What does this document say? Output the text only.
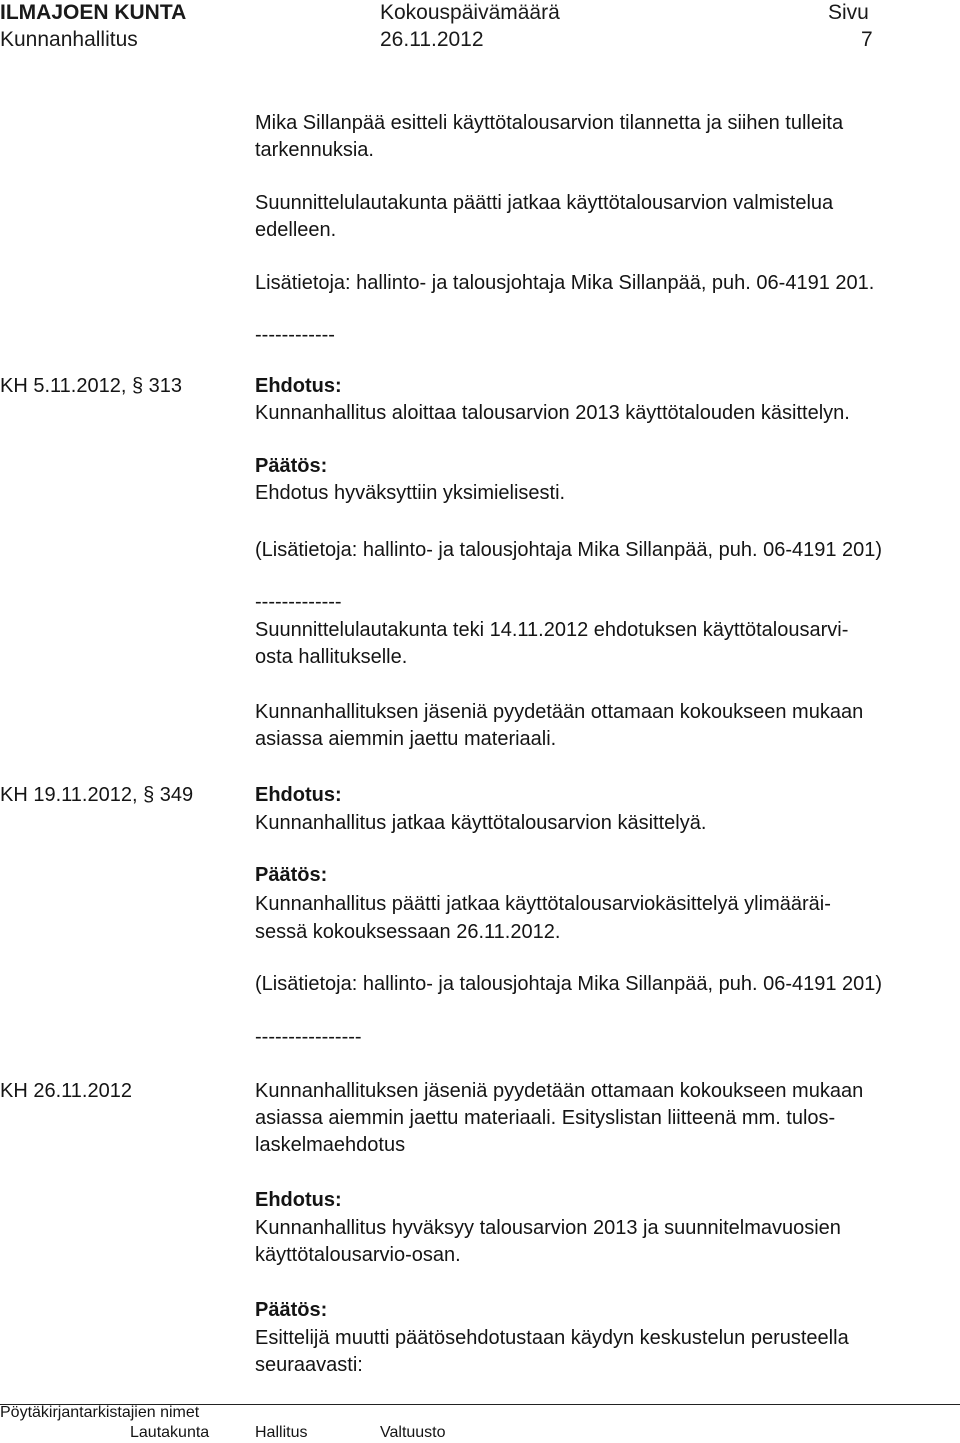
ILMAJOEN KUNTA	Kokouspäivämäärä	Sivu
Kunnanhallitus	26.11.2012	7
Mika Sillanpää esitteli käyttötalousarvion tilannetta ja siihen tulleita
tarkennuksia.
Suunnittelulautakunta päätti jatkaa käyttötalousarvion valmistelua
edelleen.
Lisätietoja: hallinto- ja talousjohtaja Mika Sillanpää, puh. 06-4191 201.
------------
KH 5.11.2012, § 313	Ehdotus:
Kunnanhallitus aloittaa talousarvion 2013 käyttötalouden käsittelyn.
Päätös:
Ehdotus hyväksyttiin yksimielisesti.
(Lisätietoja: hallinto- ja talousjohtaja Mika Sillanpää, puh. 06-4191 201)
-------------
Suunnittelulautakunta teki 14.11.2012 ehdotuksen käyttötalousarvi-
osta hallitukselle.
Kunnanhallituksen jäseniä pyydetään ottamaan kokoukseen mukaan
asiassa aiemmin jaettu materiaali.
KH 19.11.2012, § 349	Ehdotus:
Kunnanhallitus jatkaa käyttötalousarvion käsittelyä.
Päätös:
Kunnanhallitus päätti jatkaa käyttötalousarviokäsittelyä ylimääräi-
sessä kokouksessaan 26.11.2012.
(Lisätietoja: hallinto- ja talousjohtaja Mika Sillanpää, puh. 06-4191 201)
----------------
KH 26.11.2012	Kunnanhallituksen jäseniä pyydetään ottamaan kokoukseen mukaan
asiassa aiemmin jaettu materiaali. Esityslistan liitteenä mm. tulos-
laskelmaehdotus
Ehdotus:
Kunnanhallitus hyväksyy talousarvion 2013 ja suunnitelmavuosien
käyttötalousarvio-osan.
Päätös:
Esittelijä muutti päätösehdotustaan käydyn keskustelun perusteella
seuraavasti:
Pöytäkirjantarkistajien nimet
Lautakunta	Hallitus	Valtuusto
